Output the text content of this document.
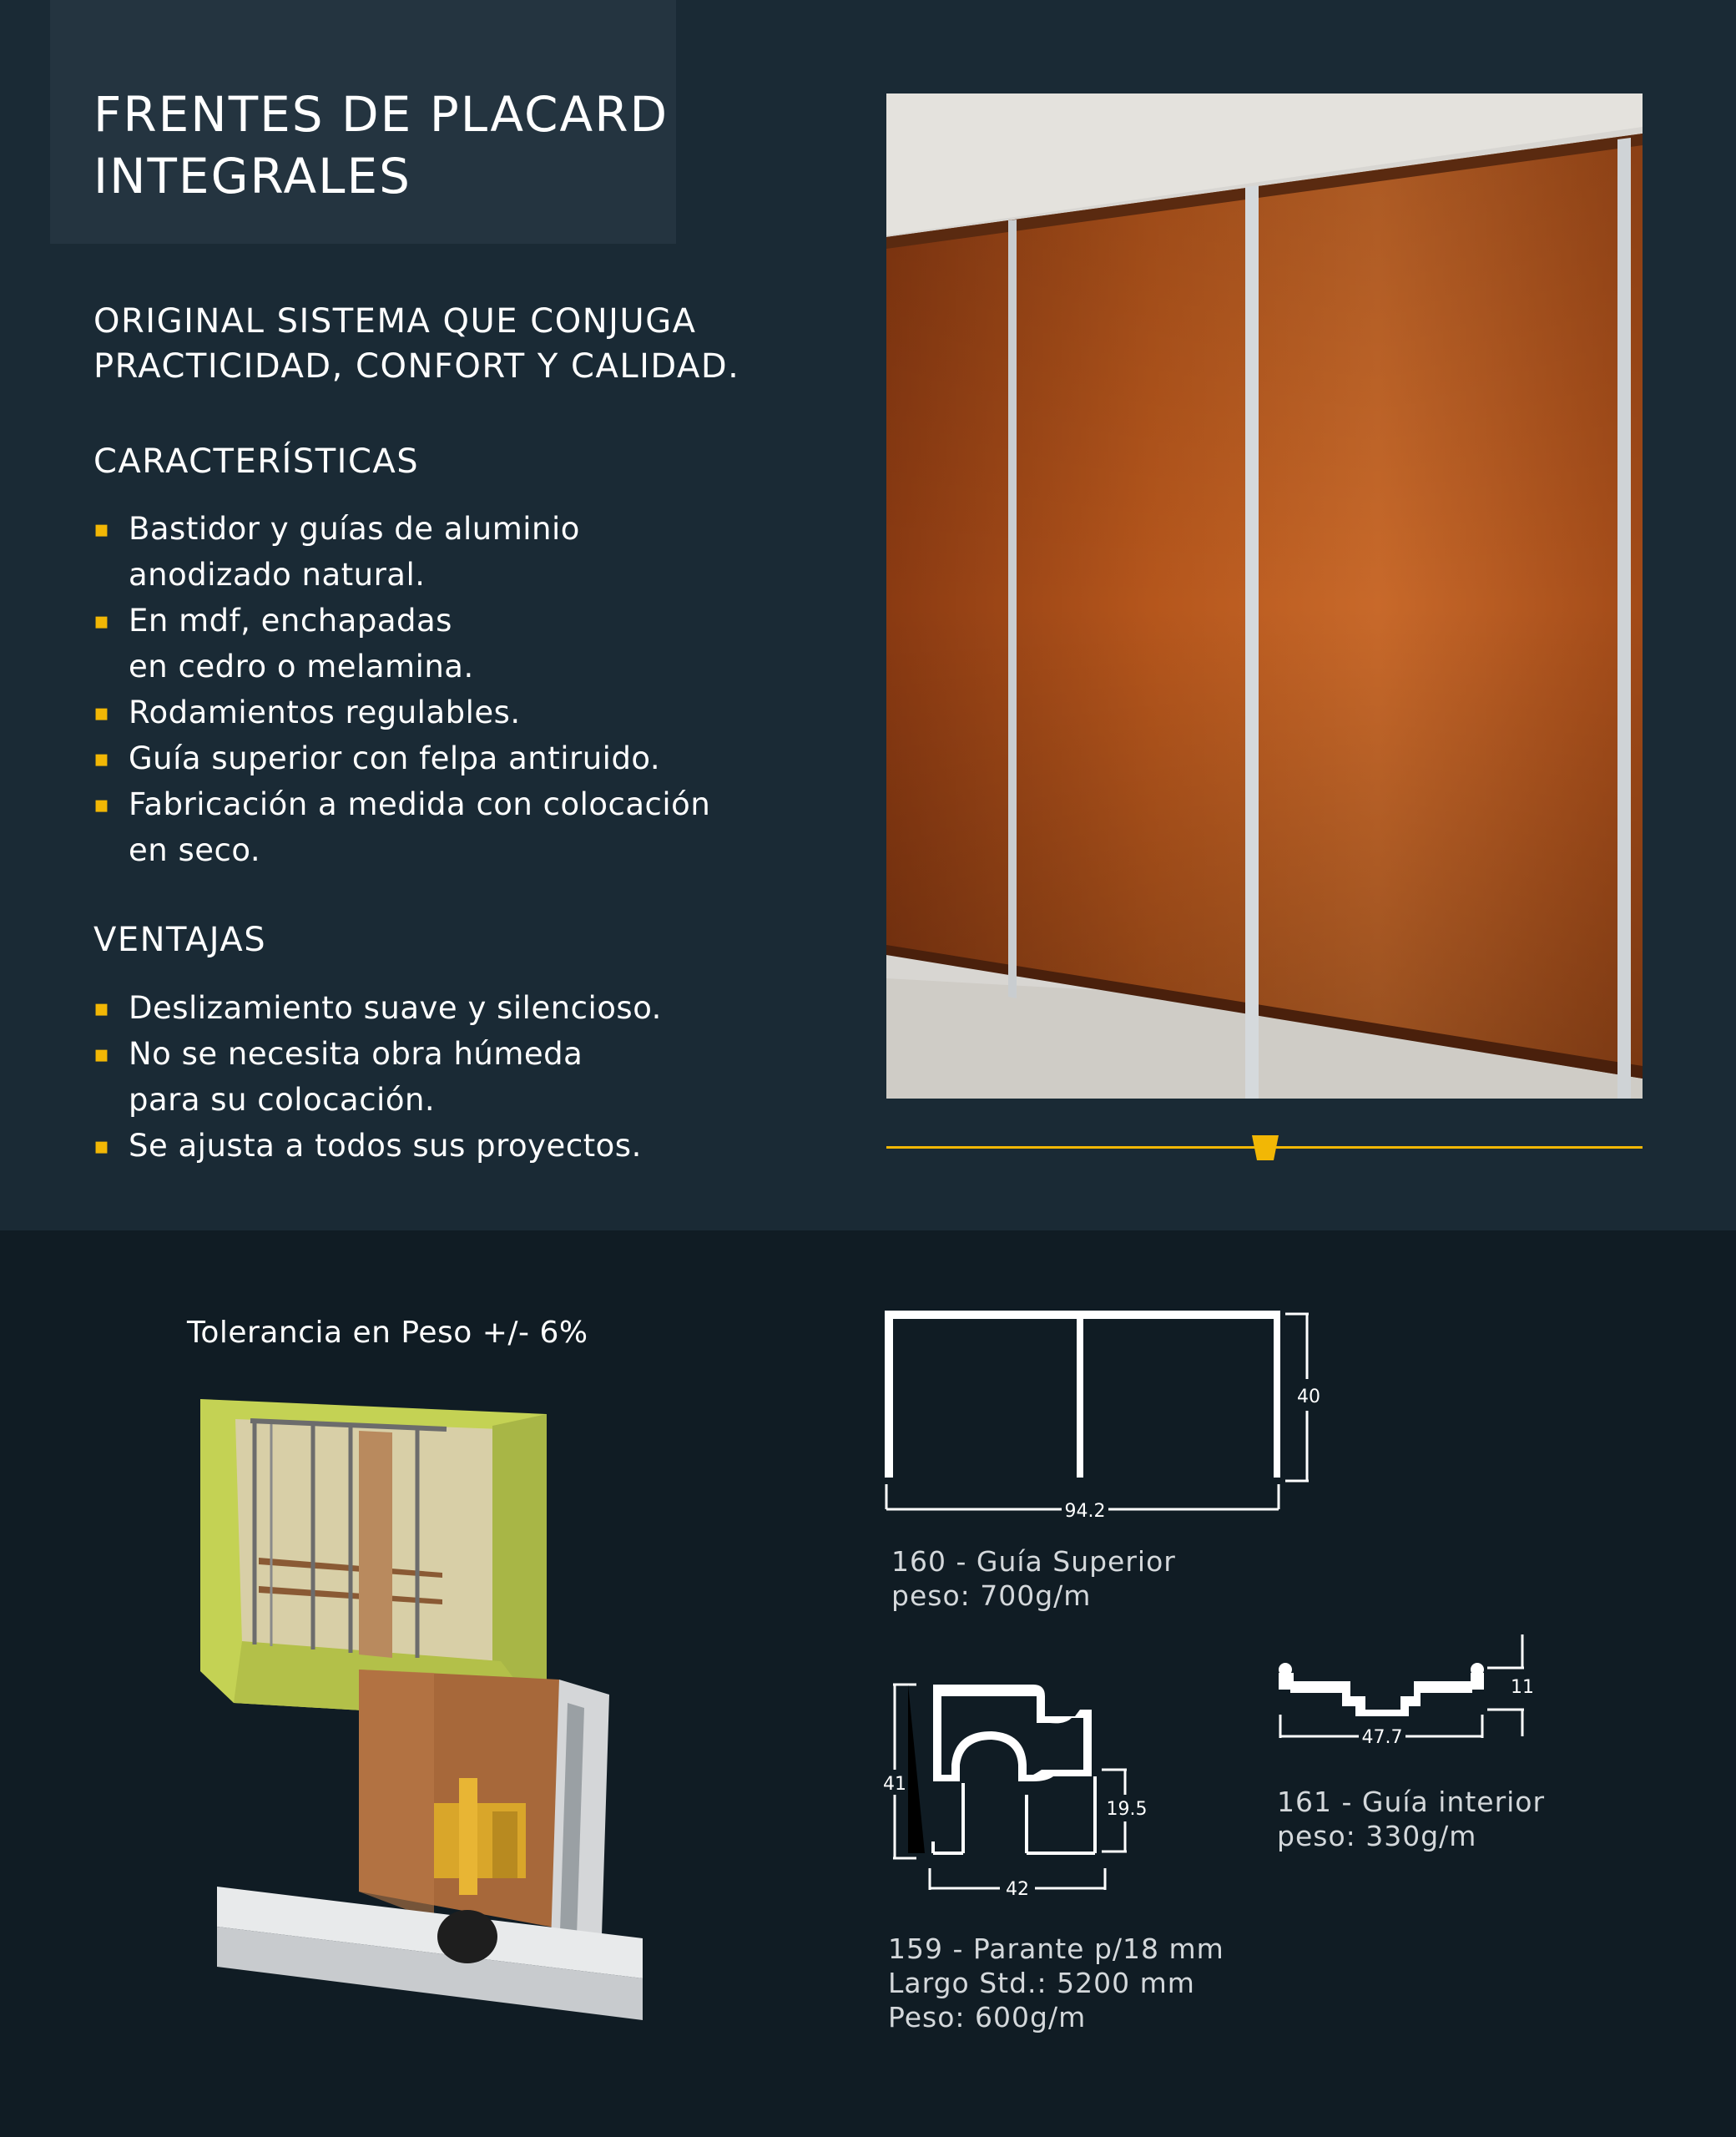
FRENTES DE PLACARD
INTEGRALES
ORIGINAL SISTEMA QUE CONJUGA
PRACTICIDAD, CONFORT Y CALIDAD.
CARACTERÍSTICAS
▪ Bastidor y guías de aluminio
anodizado natural.
▪ En mdf, enchapadas
en cedro o melamina.
▪ Rodamientos regulables.
▪ Guía superior con felpa antiruido.
▪ Fabricación a medida con colocación
en seco.
VENTAJAS
▪ Deslizamiento suave y silencioso.
▪ No se necesita obra húmeda
para su colocación.
▪ Se ajusta a todos sus proyectos.

Tolerancia en Peso +/- 6%

94.2
40

160 - Guía Superior
peso: 700g/m

41
19.5
42

159 - Parante p/18 mm
Largo Std.: 5200 mm
Peso: 600g/m

47.7
11

161 - Guía interior
peso: 330g/m
